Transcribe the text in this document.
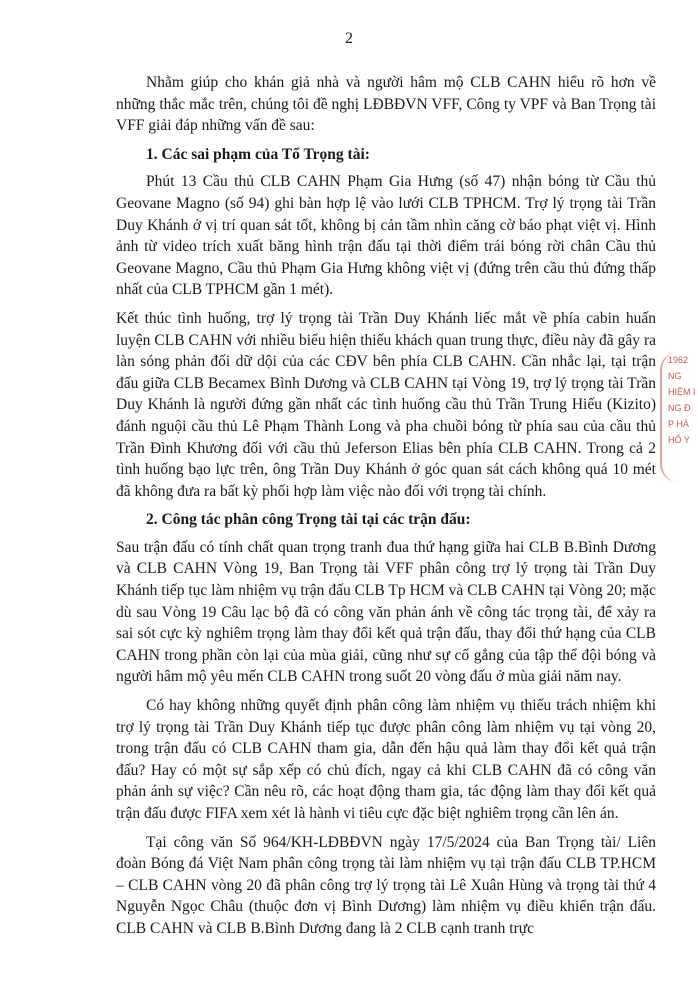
2

Nhằm giúp cho khán giả nhà và người hâm mộ CLB CAHN hiểu rõ hơn về những thắc mắc trên, chúng tôi đề nghị LĐBĐVN VFF, Công ty VPF và Ban Trọng tài VFF giải đáp những vấn đề sau:

1. Các sai phạm của Tổ Trọng tài:

Phút 13 Cầu thủ CLB CAHN Phạm Gia Hưng (số 47) nhận bóng từ Cầu thủ Geovane Magno (số 94) ghi bàn hợp lệ vào lưới CLB TPHCM. Trợ lý trọng tài Trần Duy Khánh ở vị trí quan sát tốt, không bị cản tầm nhìn căng cờ báo phạt việt vị. Hình ảnh từ video trích xuất băng hình trận đấu tại thời điểm trái bóng rời chân Cầu thủ Geovane Magno, Cầu thủ Phạm Gia Hưng không việt vị (đứng trên cầu thủ đứng thấp nhất của CLB TPHCM gần 1 mét).

Kết thúc tình huống, trợ lý trọng tài Trần Duy Khánh liếc mắt về phía cabin huấn luyện CLB CAHN với nhiều biểu hiện thiếu khách quan trung thực, điều này đã gây ra làn sóng phản đối dữ dội của các CĐV bên phía CLB CAHN. Cần nhắc lại, tại trận đấu giữa CLB Becamex Bình Dương và CLB CAHN tại Vòng 19, trợ lý trọng tài Trần Duy Khánh là người đứng gần nhất các tình huống cầu thủ Trần Trung Hiếu (Kizito) đánh nguội cầu thủ Lê Phạm Thành Long và pha chuồi bóng từ phía sau của cầu thủ Trần Đình Khương đối với cầu thủ Jeferson Elias bên phía CLB CAHN. Trong cả 2 tình huống bạo lực trên, ông Trần Duy Khánh ở góc quan sát cách không quá 10 mét đã không đưa ra bất kỳ phối hợp làm việc nào đối với trọng tài chính.

2. Công tác phân công Trọng tài tại các trận đấu:

Sau trận đấu có tính chất quan trọng tranh đua thứ hạng giữa hai CLB B.Bình Dương và CLB CAHN Vòng 19, Ban Trọng tài VFF phân công trợ lý trọng tài Trần Duy Khánh tiếp tục làm nhiệm vụ trận đấu CLB Tp HCM và CLB CAHN tại Vòng 20; mặc dù sau Vòng 19 Câu lạc bộ đã có công văn phản ánh về công tác trọng tài, để xảy ra sai sót cực kỳ nghiêm trọng làm thay đổi kết quả trận đấu, thay đổi thứ hạng của CLB CAHN trong phần còn lại của mùa giải, cũng như sự cố gắng của tập thể đội bóng và người hâm mộ yêu mến CLB CAHN trong suốt 20 vòng đấu ở mùa giải năm nay.

Có hay không những quyết định phân công làm nhiệm vụ thiếu trách nhiệm khi trợ lý trọng tài Trần Duy Khánh tiếp tục được phân công làm nhiệm vụ tại vòng 20, trong trận đấu có CLB CAHN tham gia, dẫn đến hậu quả làm thay đổi kết quả trận đấu? Hay có một sự sắp xếp có chủ đích, ngay cả khi CLB CAHN đã có công văn phản ánh sự việc? Cần nêu rõ, các hoạt động tham gia, tác động làm thay đổi kết quả trận đấu được FIFA xem xét là hành vi tiêu cực đặc biệt nghiêm trọng cần lên án.

Tại công văn Số 964/KH-LĐBĐVN ngày 17/5/2024 của Ban Trọng tài/ Liên đoàn Bóng đá Việt Nam phân công trọng tài làm nhiệm vụ tại trận đấu CLB TP.HCM – CLB CAHN vòng 20 đã phân công trợ lý trọng tài Lê Xuân Hùng và trọng tài thứ 4 Nguyễn Ngọc Châu (thuộc đơn vị Bình Dương) làm nhiệm vụ điều khiển trận đấu. CLB CAHN và CLB B.Bình Dương đang là 2 CLB cạnh tranh trực

1962
NG
HIỆM I
NG Đ
P HÀ
HỐ Y
